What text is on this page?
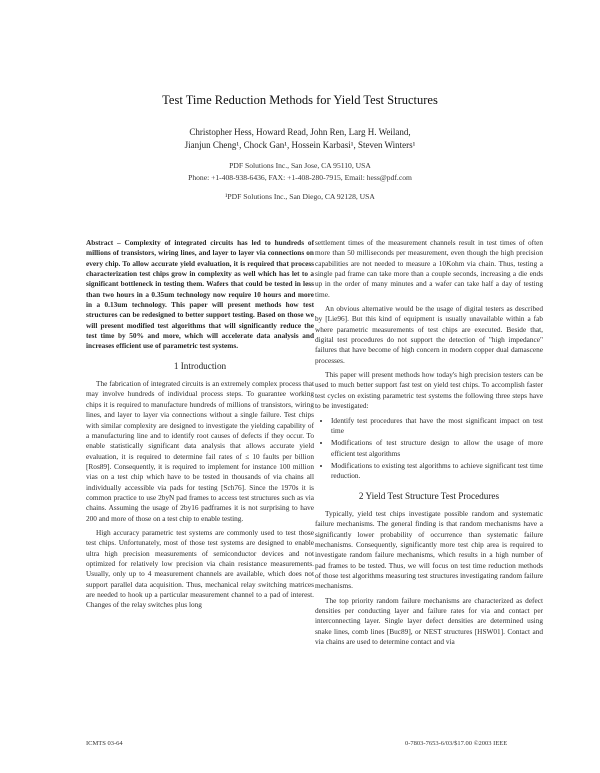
Test Time Reduction Methods for Yield Test Structures
Christopher Hess, Howard Read, John Ren, Larg H. Weiland,
Jianjun Cheng¹, Chock Gan¹, Hossein Karbasi¹, Steven Winters¹
PDF Solutions Inc., San Jose, CA 95110, USA
Phone: +1-408-938-6436, FAX: +1-408-280-7915, Email: hess@pdf.com
¹PDF Solutions Inc., San Diego, CA 92128, USA

Abstract – Complexity of integrated circuits has led to hundreds of millions of transistors, wiring lines, and layer to layer via connections on every chip. To allow accurate yield evaluation, it is required that process characterization test chips grow in complexity as well which has let to a significant bottleneck in testing them. Wafers that could be tested in less than two hours in a 0.35um technology now require 10 hours and more in a 0.13um technology. This paper will present methods how test structures can be redesigned to better support testing. Based on those we will present modified test algorithms that will significantly reduce the test time by 50% and more, which will accelerate data analysis and increases efficient use of parametric test systems.

1 Introduction

The fabrication of integrated circuits is an extremely complex process that may involve hundreds of individual process steps. To guarantee working chips it is required to manufacture hundreds of millions of transistors, wiring lines, and layer to layer via connections without a single failure. Test chips with similar complexity are designed to investigate the yielding capability of a manufacturing line and to identify root causes of defects if they occur. To enable statistically significant data analysis that allows accurate yield evaluation, it is required to determine fail rates of ≤ 10 faults per billion [Ros89]. Consequently, it is required to implement for instance 100 million vias on a test chip which have to be tested in thousands of via chains all individually accessible via pads for testing [Sch76]. Since the 1970s it is common practice to use 2byN pad frames to access test structures such as via chains. Assuming the usage of 2by16 padframes it is not surprising to have 200 and more of those on a test chip to enable testing.

High accuracy parametric test systems are commonly used to test those test chips. Unfortunately, most of those test systems are designed to enable ultra high precision measurements of semiconductor devices and not optimized for relatively low precision via chain resistance measurements. Usually, only up to 4 measurement channels are available, which does not support parallel data acquisition. Thus, mechanical relay switching matrices are needed to hook up a particular measurement channel to a pad of interest. Changes of the relay switches plus long

settlement times of the measurement channels result in test times of often more than 50 milliseconds per measurement, even though the high precision capabilities are not needed to measure a 10Kohm via chain. Thus, testing a single pad frame can take more than a couple seconds, increasing a die ends up in the order of many minutes and a wafer can take half a day of testing time.

An obvious alternative would be the usage of digital testers as described by [Lie96]. But this kind of equipment is usually unavailable within a fab where parametric measurements of test chips are executed. Beside that, digital test procedures do not support the detection of "high impedance" failures that have become of high concern in modern copper dual damascene processes.

This paper will present methods how today's high precision testers can be used to much better support fast test on yield test chips. To accomplish faster test cycles on existing parametric test systems the following three steps have to be investigated:

• Identify test procedures that have the most significant impact on test time
• Modifications of test structure design to allow the usage of more efficient test algorithms
• Modifications to existing test algorithms to achieve significant test time reduction.
2 Yield Test Structure Test Procedures

Typically, yield test chips investigate possible random and systematic failure mechanisms. The general finding is that random mechanisms have a significantly lower probability of occurrence than systematic failure mechanisms. Consequently, significantly more test chip area is required to investigate random failure mechanisms, which results in a high number of pad frames to be tested. Thus, we will focus on test time reduction methods of those test algorithms measuring test structures investigating random failure mechanisms.

The top priority random failure mechanisms are characterized as defect densities per conducting layer and failure rates for via and contact per interconnecting layer. Single layer defect densities are determined using snake lines, comb lines [Buc89], or NEST structures [HSW01]. Contact and via chains are used to determine contact and via

ICMTS 03-64	0-7803-7653-6/03/$17.00 ©2003 IEEE
